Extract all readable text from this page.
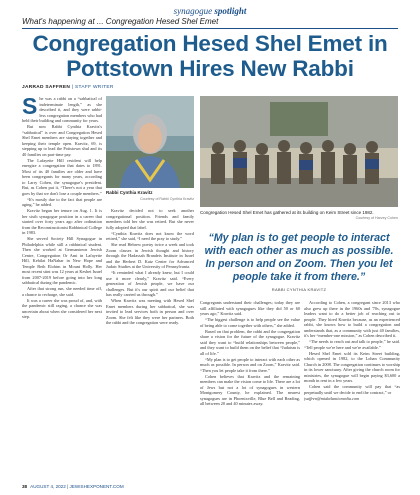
synagogue spotlight
What's happening at ... Congregation Hesed Shel Emet
Congregation Hesed Shel Emet in Pottstown Hires New Rabbi
JARRAD SAFFREN | STAFF WRITER

She was a rabbi on a “sabbatical of indeterminate length,” as she described it, and they were rabbi-less congregation members who had held their building and community for years.

But now Rabbi Cynthia Kravitz's “sabbatical” is over and Congregation Hesed Shel Emet members are staying together and keeping their temple open. Kravitz, 69, is stepping up to lead the Pottstown shul and its 40 families on part-time pay.

The Lafayette Hill resident will help energize a congregation that dates to 1891. Most of its 40 families are older and have been congregants for many years, according to Larry Cohen, the synagogue's president. But, as Cohen put it, “There's not a year that goes by that we don't lose a couple members.”

“It's mostly due to the fact that people are aging,” he added.

Kravitz began her tenure on Aug. 1. It is her sixth synagogue position in a career that started over forty years ago after ordination from the Reconstructionist Rabbinical College in 1983.

She served Society Hill Synagogue in Philadelphia while still a rabbinical student. Then she worked at Germantown Jewish Centre, Congregation Or Ami in Lafayette Hill, Kehilat HaNahar in New Hope and Temple Beth Elohim in Mount Holly. Her most recent stint was 12 years at Keshet Israel from 2007-2019 before going into her long sabbatical during the pandemic.

After that strong run, she needed time off, a chance to recharge, she said.

It was a career she was proud of, and, with the pandemic still raging, a chance she was uncertain about when she considered her next step.

Rabbi Cynthia Kravitz
Courtesy of Rabbi Cynthia Kravitz
Congregation Hesed Shel Emet has gathered at its building on Keim Street since 1982.
Courtesy of Harvey Cohen
“My plan is to get people to interact with each other as much as possible. In person and on Zoom. Then you let people take it from there.”
RABBI CYNTHIA KRAVITZ

Kravitz decided not to seek another congregational position. Friends and family members told her she was retired. But she never fully adopted that label.

“Cynthia Kravitz does not know the word retired,” she said, “I need the pray to study.”

She read Hebrew poetry twice a week and took Zoom classes in Jewish thought and history through the Hadassah Brandeis Institute in Israel and the Herbert D. Katz Center for Advanced Judaic Studies at the University of Pennsylvania.

“It reminded what I already knew, but I could use it more clearly,” Kravitz said. “Every generation of Jewish people, we have our challenges. But it's our spirit and our belief that has really carried us through.”

When Kravitz was meeting with Hesed Shel Emet members during her sabbatical, she was invited to lead services both in person and over Zoom. She felt like they were her partners. Both the rabbi and the congregation were ready.

Congregants understand their challenges; today they are still affiliated with synagogues like they did 50 or 60 years ago,” Kravitz said.

“The biggest challenge is to help people see the value of being able to come together with others,” she added.

Based on that problem, the rabbi and the congregation share a vision for the future of the synagogue. Kravitz said they want to “build relationships between people,” and they want to build them on the belief that “Judaism is all of life.”

“My plan is to get people to interact with each other as much as possible. In person and on Zoom,” Kravitz said. “Then you let people take it from there.”

Cohen believes that Kravitz and the remaining members can make the vision come to life. There are a lot of Jews but not a lot of synagogues in western Montgomery County, he explained. The nearest synagogues are in Phoenixville, Blue Bell and Reading, all between 20 and 40 minutes away.

According to Cohen, a congregant since 2013 who also grew up there in the 1960s and '70s, synagogue leaders want to do a better job of reaching out to people. They hired Kravitz because, as an experienced rabbi, she knows how to build a congregation and understands that, as a community with just 40 families, it's her “member-one mission,” as Cohen described it.

“The needs to reach out and talk to people,” he said. “Tell people we're here and we're available.”

Hesed Shel Emet sold its Keim Street building, which opened in 1982, to the Lohan Community Church in 2008. The congregation continues to worship in its lower sanctuary. After giving the church room for ministries, the synagogue will begin paying $3,600 a month in rent in a few years.

Cohen said the community will pay that “as perpetually until we decide to end the contract,” or

jsaffren@midatlanticmedia.com

38 AUGUST 4, 2022 | JEWISHEXPONENT.COM
